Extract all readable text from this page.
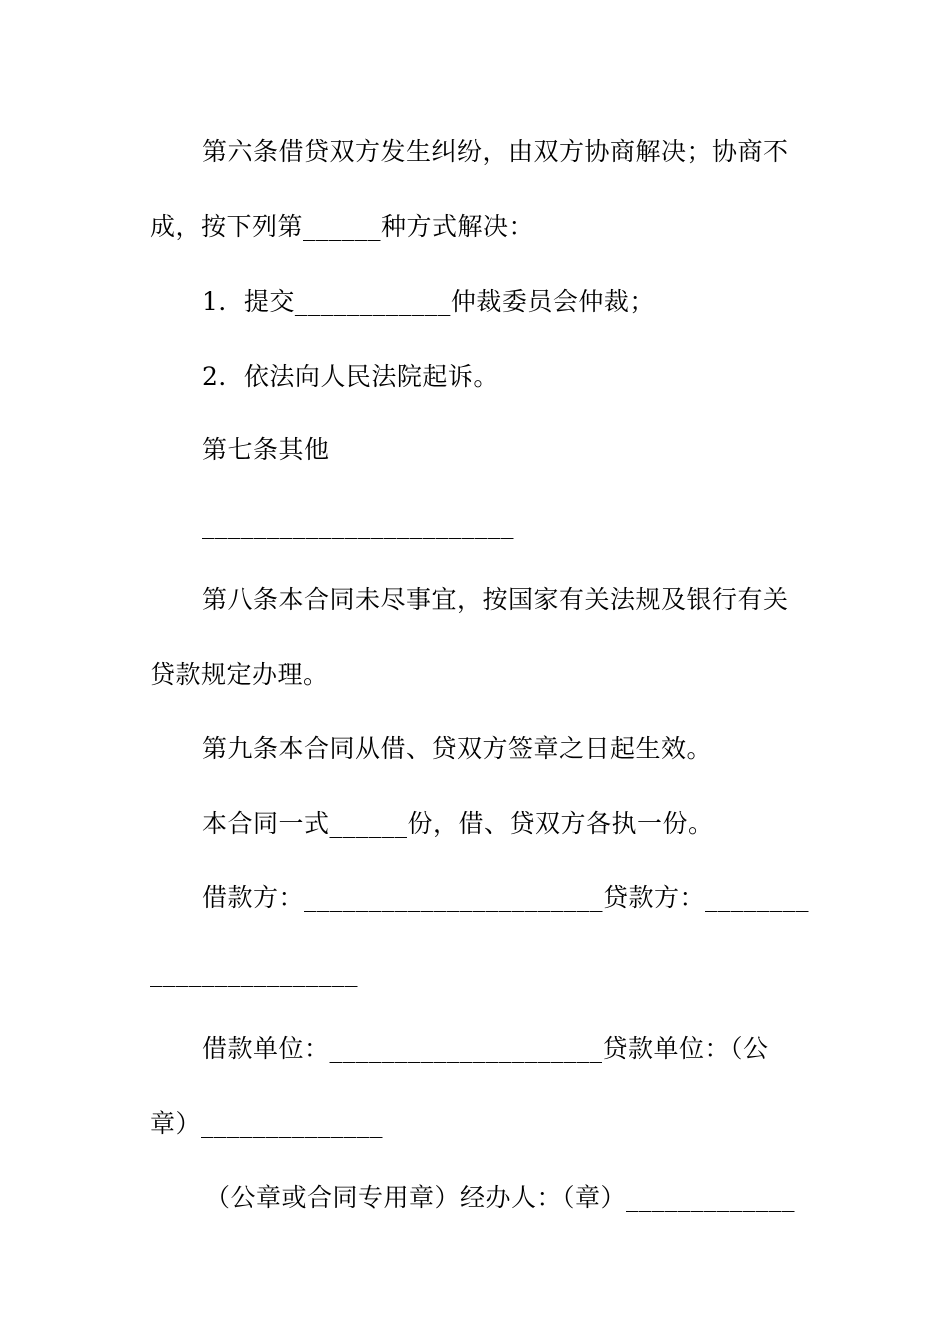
第六条借贷双方发生纠纷，由双方协商解决；协商不
成，按下列第______种方式解决：
1．提交____________仲裁委员会仲裁；
2．依法向人民法院起诉。
第七条其他
________________________
第八条本合同未尽事宜，按国家有关法规及银行有关
贷款规定办理。
第九条本合同从借、贷双方签章之日起生效。
本合同一式______份，借、贷双方各执一份。
借款方：_______________________贷款方：________
________________
借款单位：_____________________贷款单位：（公
章）______________
（公章或合同专用章）经办人：（章）_____________
